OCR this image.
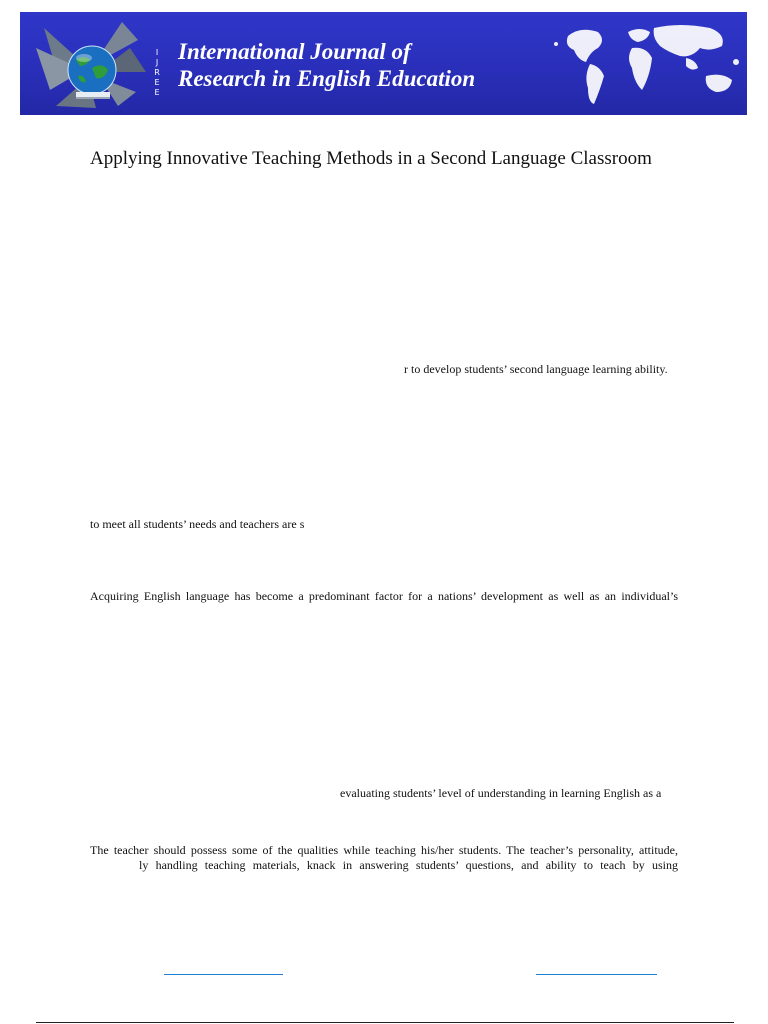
I
J
R
E
E
International Journal of
Research in English Education
Applying Innovative Teaching Methods in a Second Language Classroom
r to develop students’ second language learning ability.
to meet all students’ needs and teachers are s
Acquiring English language has become a predominant factor for a nations’ development as well as an individual’s
evaluating students’ level of understanding in learning English as a
The teacher should possess some of the qualities while teaching his/her students. The teacher’s personality, attitude,
ly handling teaching materials, knack in answering students’ questions, and ability to teach by using
